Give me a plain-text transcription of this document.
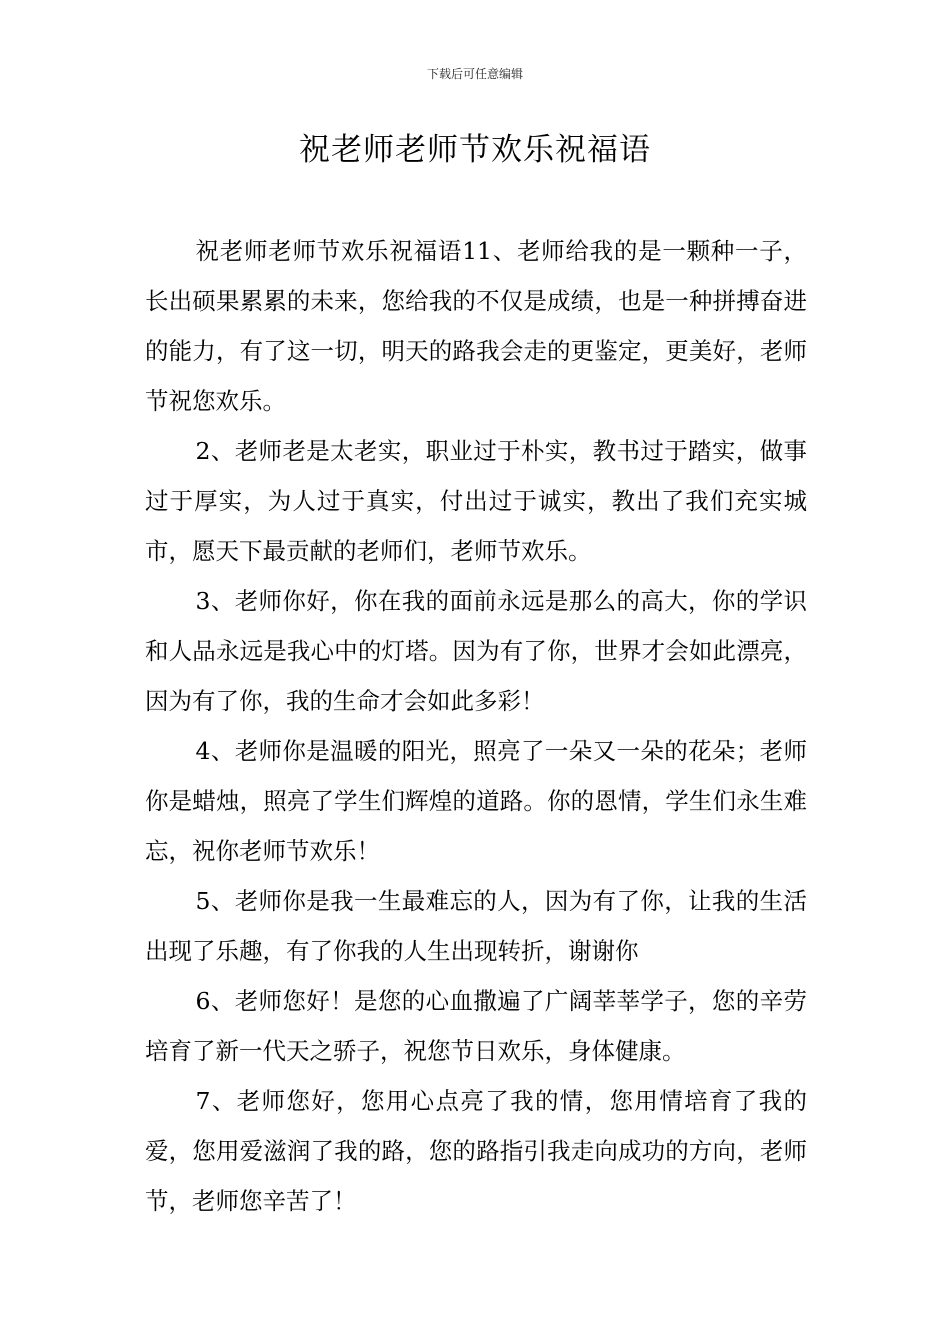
下载后可任意编辑
祝老师老师节欢乐祝福语

祝老师老师节欢乐祝福语11、老师给我的是一颗种一子，长出硕果累累的未来，您给我的不仅是成绩，也是一种拼搏奋进的能力，有了这一切，明天的路我会走的更鉴定，更美好，老师节祝您欢乐。

2、老师老是太老实，职业过于朴实，教书过于踏实，做事过于厚实，为人过于真实，付出过于诚实，教出了我们充实城市，愿天下最贡献的老师们，老师节欢乐。

3、老师你好，你在我的面前永远是那么的高大，你的学识和人品永远是我心中的灯塔。因为有了你，世界才会如此漂亮，因为有了你，我的生命才会如此多彩！

4、老师你是温暖的阳光，照亮了一朵又一朵的花朵；老师你是蜡烛，照亮了学生们辉煌的道路。你的恩情，学生们永生难忘，祝你老师节欢乐！

5、老师你是我一生最难忘的人，因为有了你，让我的生活出现了乐趣，有了你我的人生出现转折，谢谢你

6、老师您好！是您的心血撒遍了广阔莘莘学子，您的辛劳培育了新一代天之骄子，祝您节日欢乐，身体健康。

7、老师您好，您用心点亮了我的情，您用情培育了我的爱，您用爱滋润了我的路，您的路指引我走向成功的方向，老师节，老师您辛苦了！
